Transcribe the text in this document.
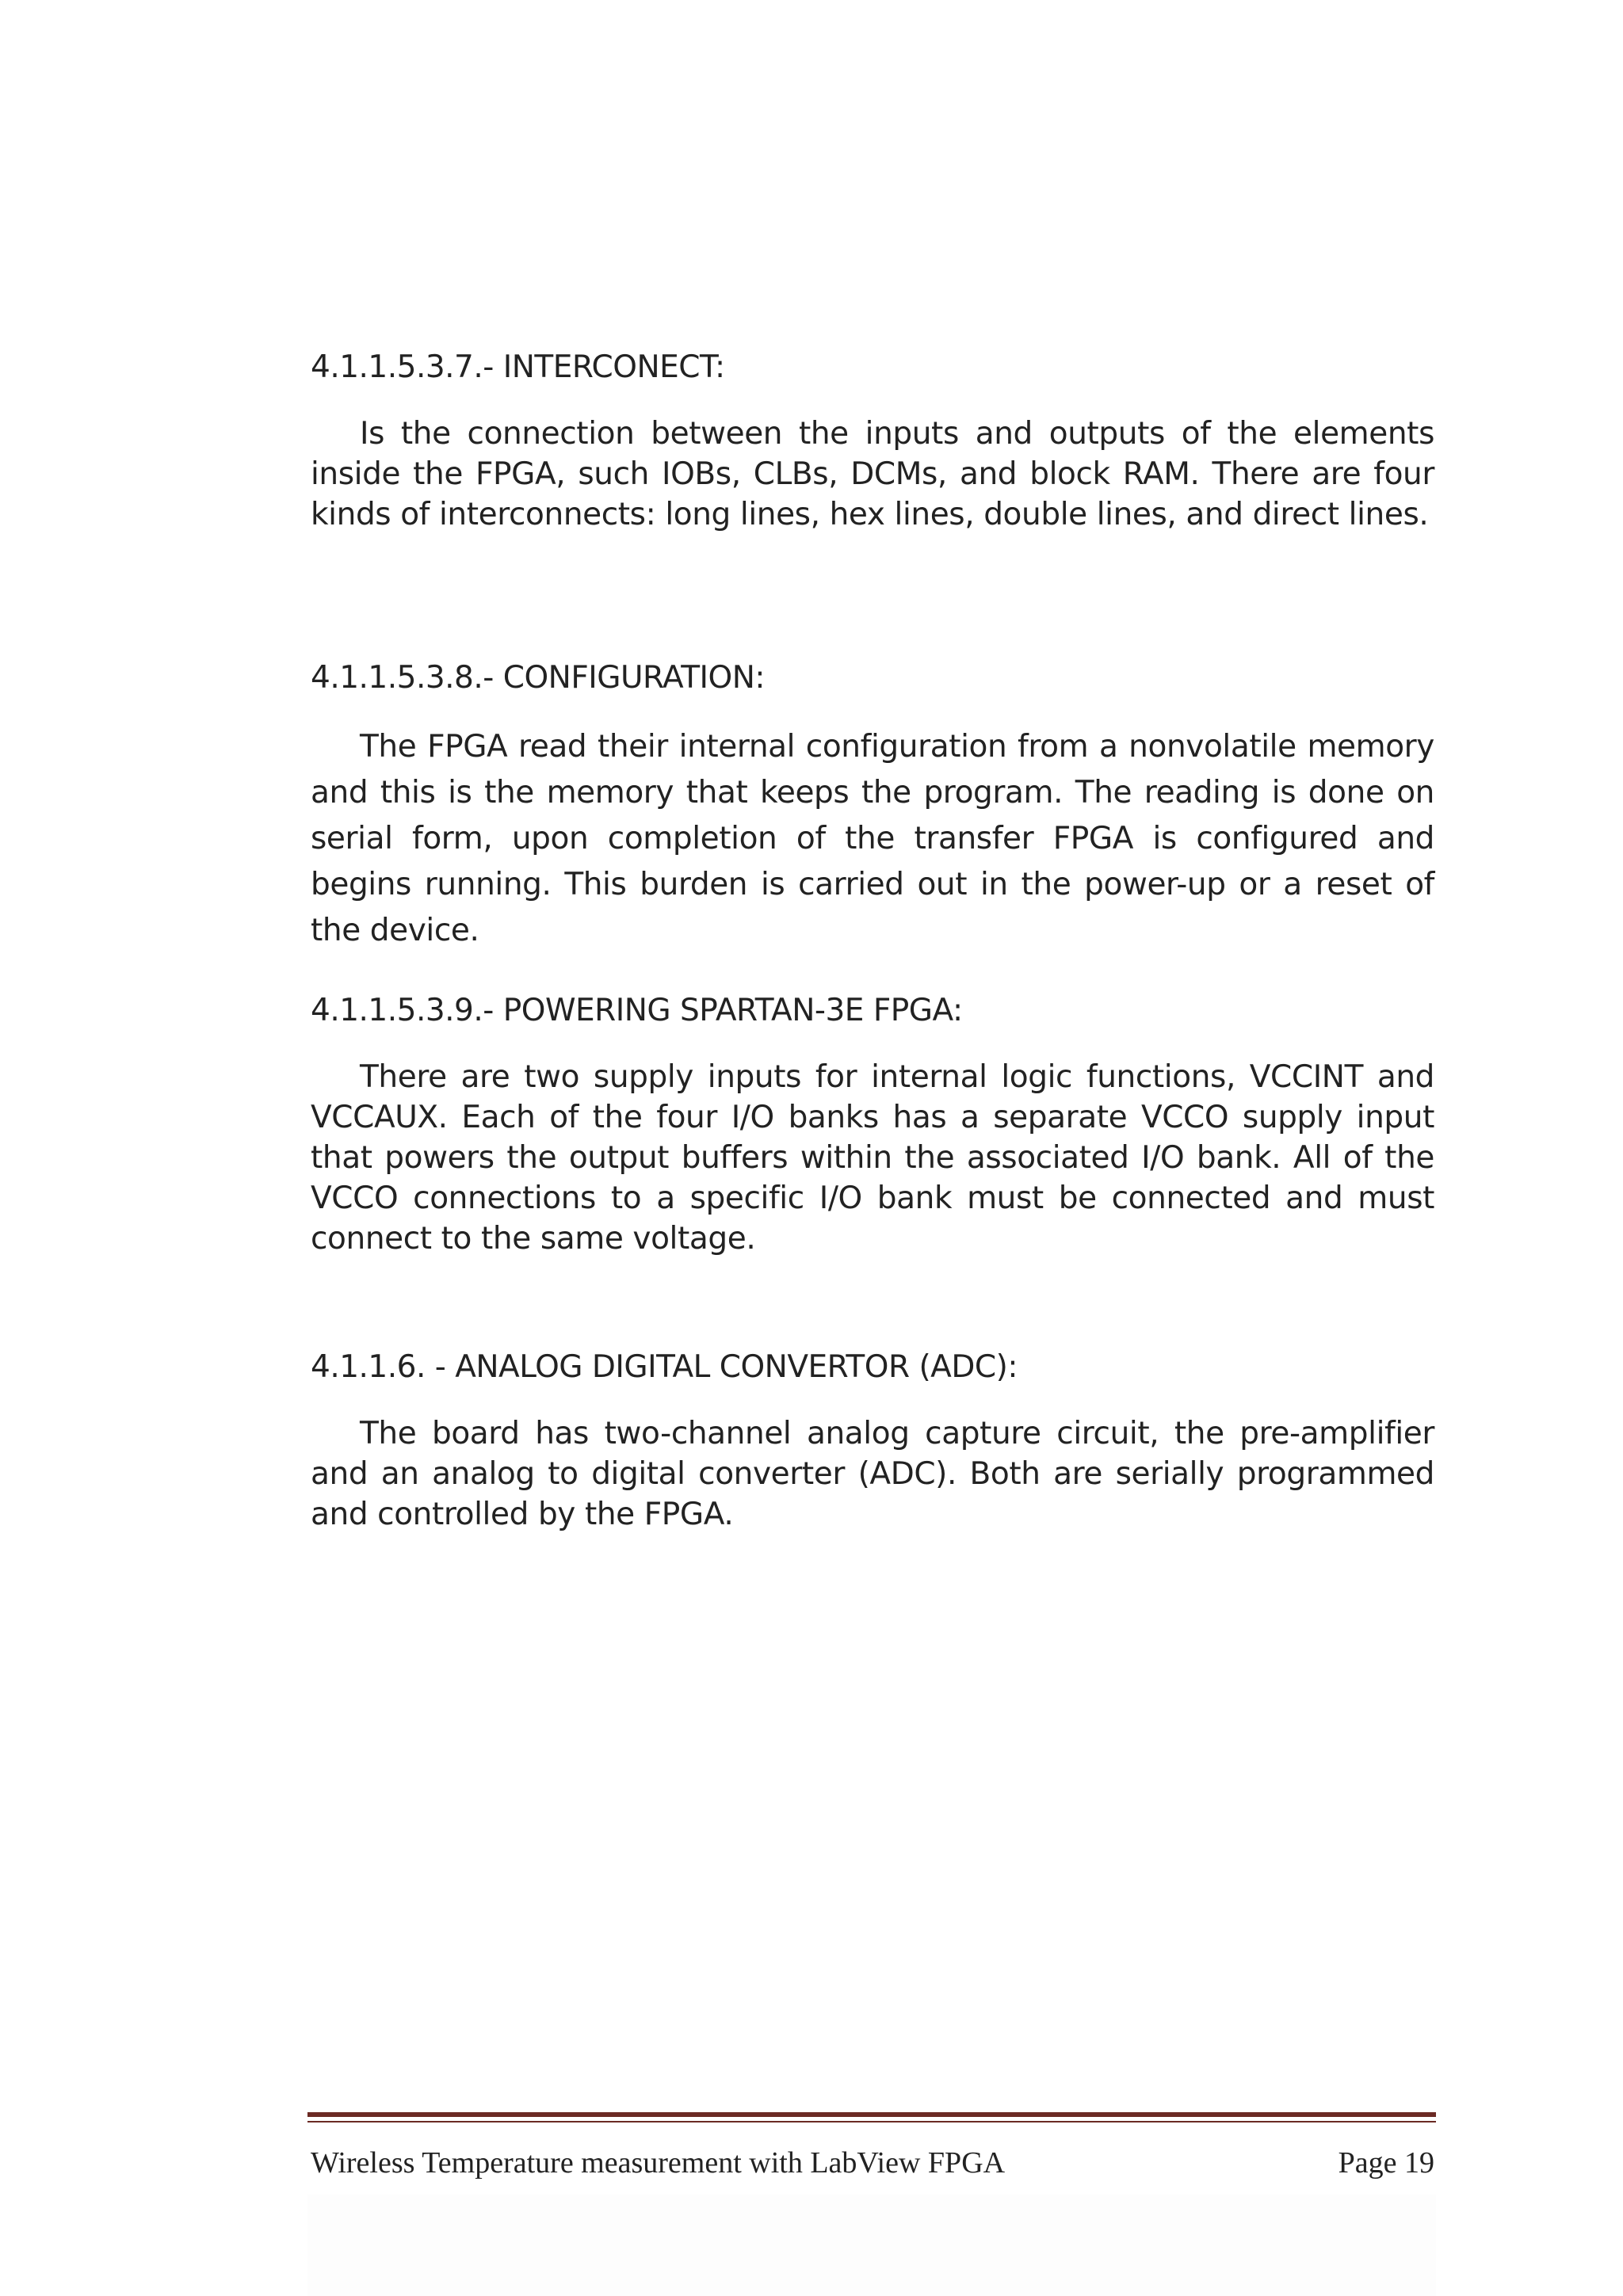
4.1.1.5.3.7.- INTERCONECT:

Is the connection between the inputs and outputs of the elements inside the FPGA, such IOBs, CLBs, DCMs, and block RAM. There are four kinds of interconnects: long lines, hex lines, double lines, and direct lines.

4.1.1.5.3.8.- CONFIGURATION:

The FPGA read their internal configuration from a nonvolatile memory and this is the memory that keeps the program. The reading is done on serial form, upon completion of the transfer FPGA is configured and begins running. This burden is carried out in the power-up or a reset of the device.

4.1.1.5.3.9.- POWERING SPARTAN-3E FPGA:

There are two supply inputs for internal logic functions, VCCINT and VCCAUX. Each of the four I/O banks has a separate VCCO supply input that powers the output buffers within the associated I/O bank. All of the VCCO connections to a specific I/O bank must be connected and must connect to the same voltage.

4.1.1.6. - ANALOG DIGITAL CONVERTOR (ADC):

The board has two-channel analog capture circuit, the pre-amplifier and an analog to digital converter (ADC). Both are serially programmed and controlled by the FPGA.

Wireless Temperature measurement with LabView FPGA	Page 19
